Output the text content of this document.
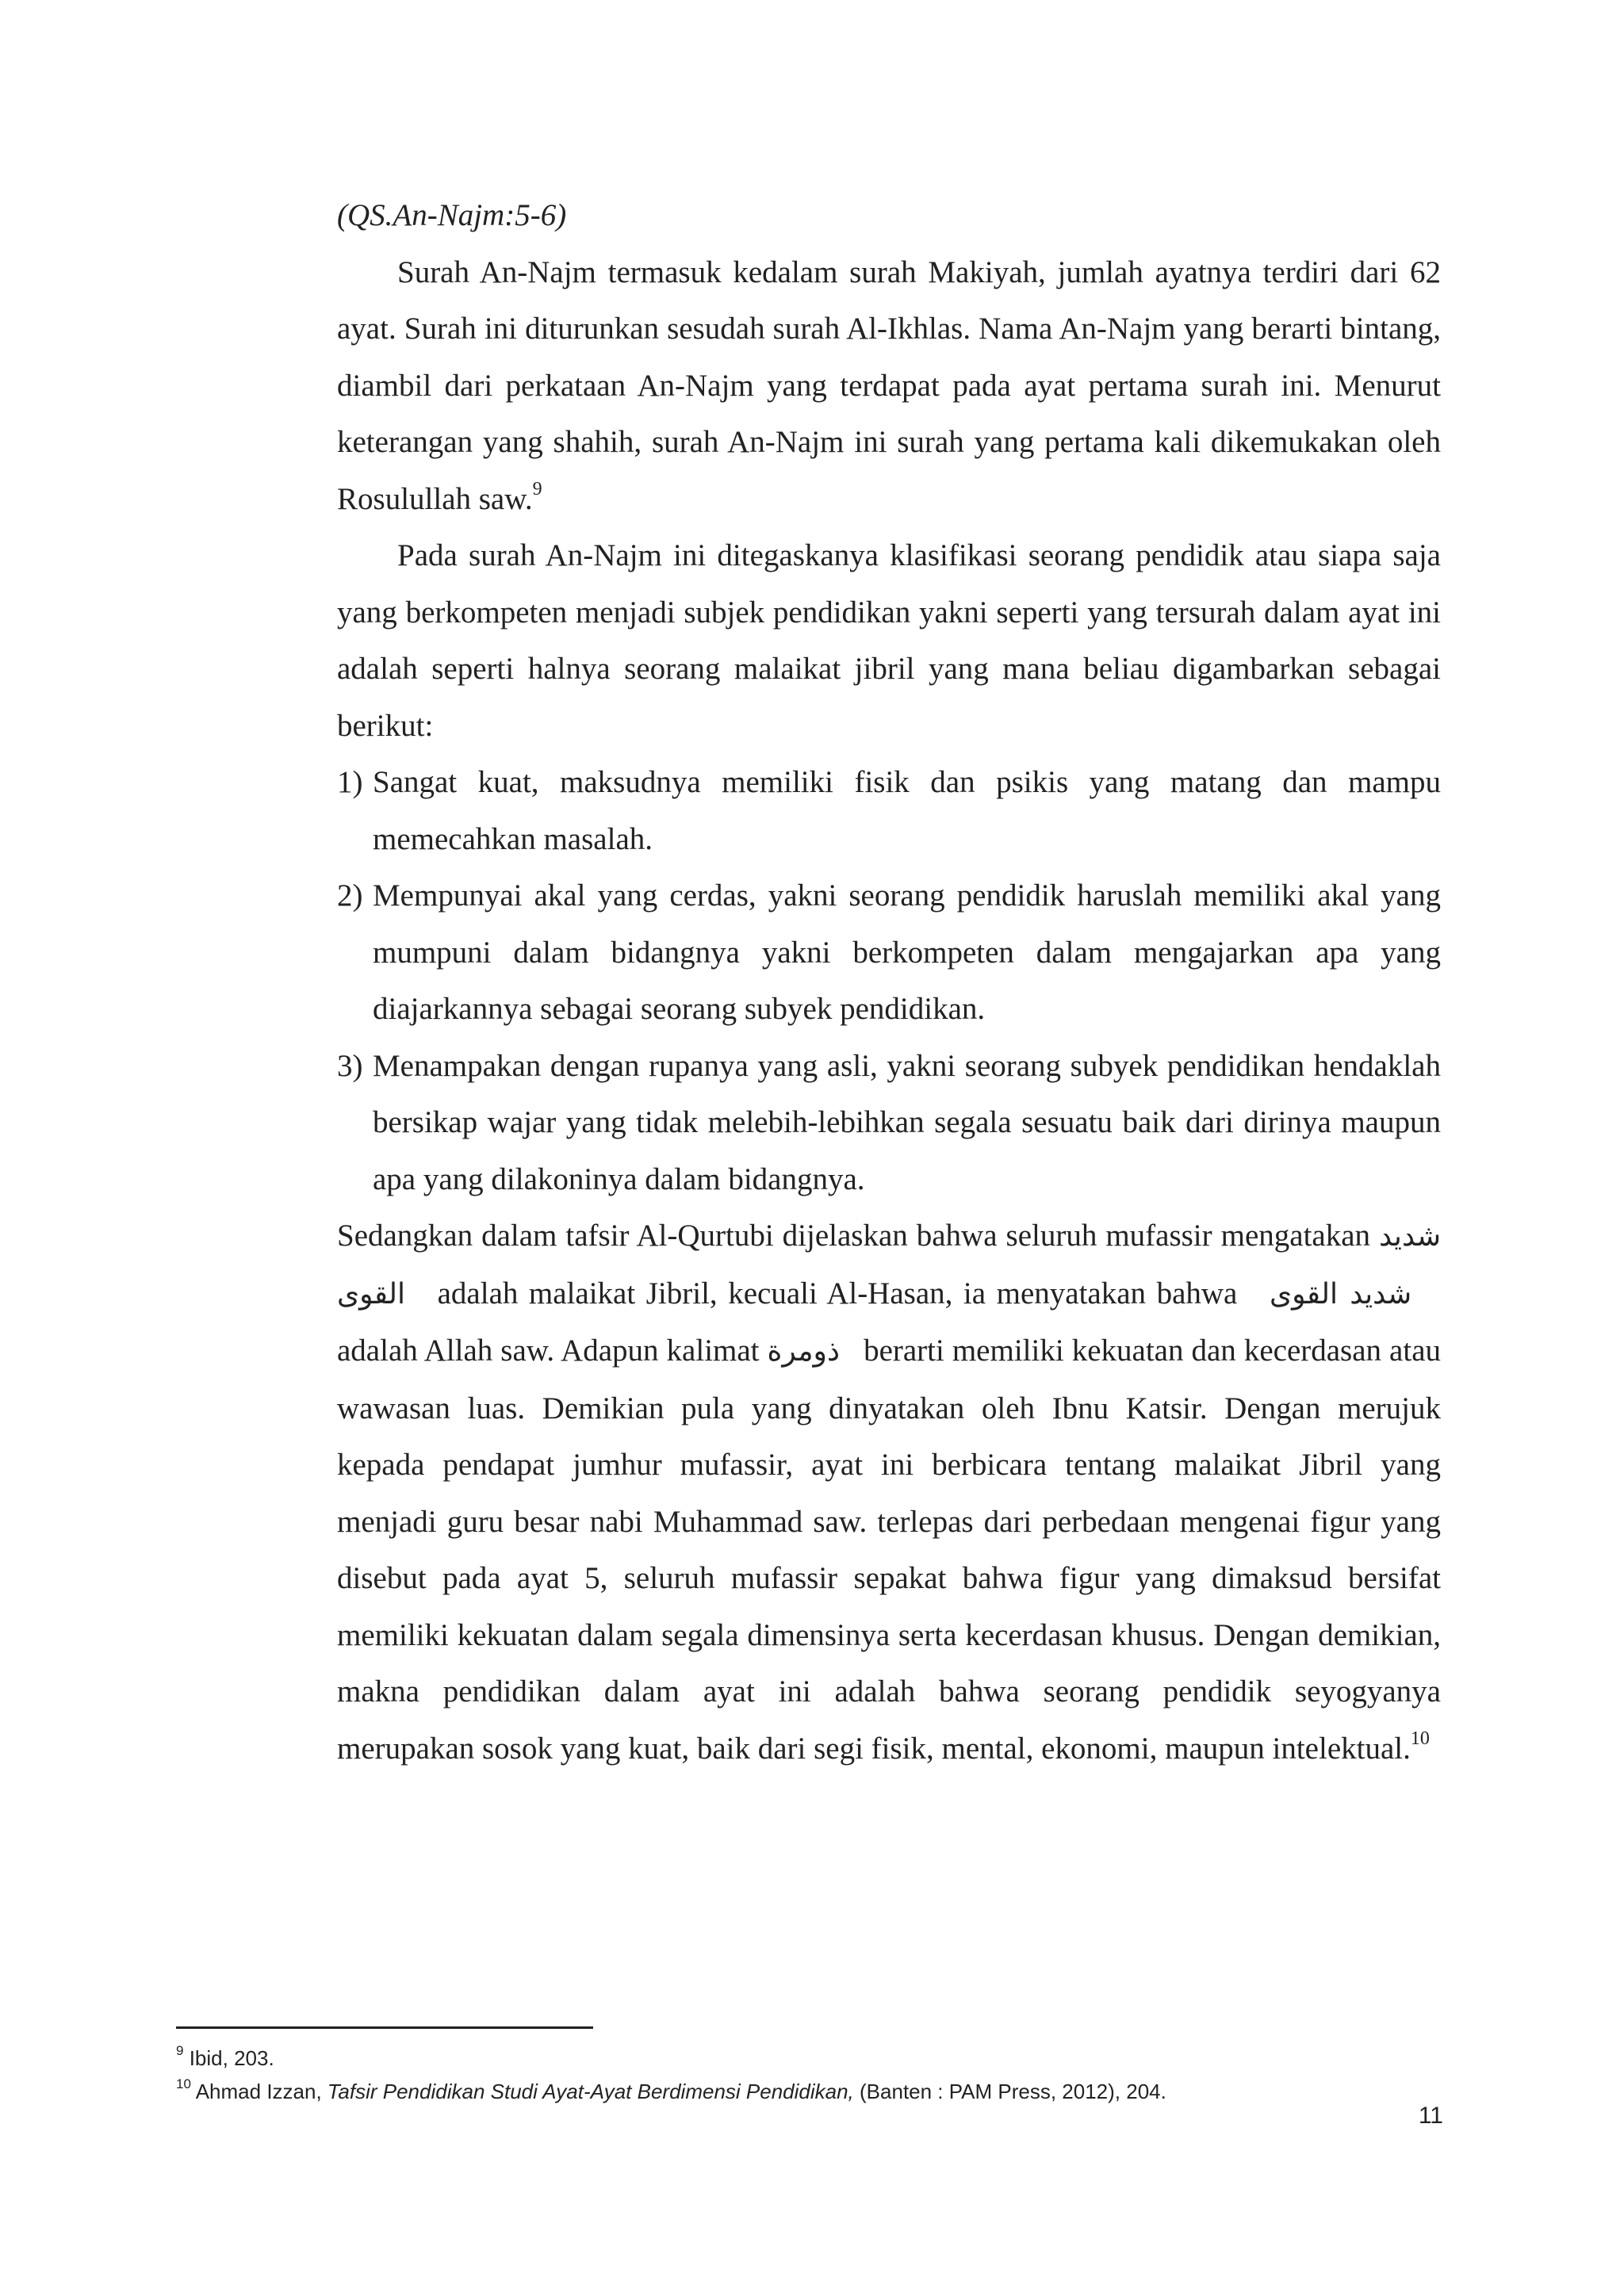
(QS.An-Najm:5-6)

Surah An-Najm termasuk kedalam surah Makiyah, jumlah ayatnya terdiri dari 62 ayat. Surah ini diturunkan sesudah surah Al-Ikhlas. Nama An-Najm yang berarti bintang, diambil dari perkataan An-Najm yang terdapat pada ayat pertama surah ini. Menurut keterangan yang shahih, surah An-Najm ini surah yang pertama kali dikemukakan oleh Rosulullah saw.$^9$

Pada surah An-Najm ini ditegaskanya klasifikasi seorang pendidik atau siapa saja yang berkompeten menjadi subjek pendidikan yakni seperti yang tersurah dalam ayat ini adalah seperti halnya seorang malaikat jibril yang mana beliau digambarkan sebagai berikut:

1) Sangat kuat, maksudnya memiliki fisik dan psikis yang matang dan mampu memecahkan masalah.
2) Mempunyai akal yang cerdas, yakni seorang pendidik haruslah memiliki akal yang mumpuni dalam bidangnya yakni berkompeten dalam mengajarkan apa yang diajarkannya sebagai seorang subyek pendidikan.
3) Menampakan dengan rupanya yang asli, yakni seorang subyek pendidikan hendaklah bersikap wajar yang tidak melebih-lebihkan segala sesuatu baik dari dirinya maupun apa yang dilakoninya dalam bidangnya.

Sedangkan dalam tafsir Al-Qurtubi dijelaskan bahwa seluruh mufassir mengatakan شديد القوى adalah malaikat Jibril, kecuali Al-Hasan, ia menyatakan bahwa شديد القوى    adalah Allah saw. Adapun kalimat ذومرة berarti memiliki kekuatan dan kecerdasan atau wawasan luas. Demikian pula yang dinyatakan oleh Ibnu Katsir. Dengan merujuk kepada pendapat jumhur mufassir, ayat ini berbicara tentang malaikat Jibril yang menjadi guru besar nabi Muhammad saw. terlepas dari perbedaan mengenai figur yang disebut pada ayat 5, seluruh mufassir sepakat bahwa figur yang dimaksud bersifat memiliki kekuatan dalam segala dimensinya serta kecerdasan khusus. Dengan demikian, makna pendidikan dalam ayat ini adalah bahwa seorang pendidik seyogyanya merupakan sosok yang kuat, baik dari segi fisik, mental, ekonomi, maupun intelektual.$^{10}$

$^9$ Ibid, 203.

$^{10}$ Ahmad Izzan, Tafsir Pendidikan Studi Ayat-Ayat Berdimensi Pendidikan, (Banten : PAM Press, 2012), 204.

11
